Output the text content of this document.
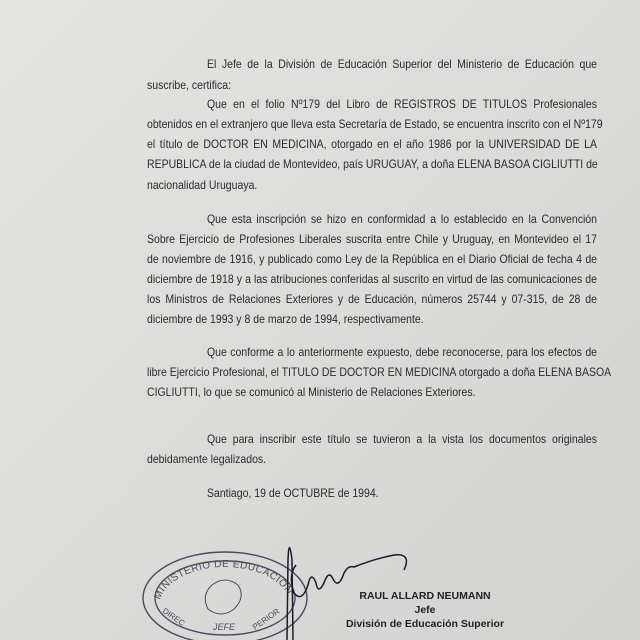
El Jefe de la División de Educación Superior del Ministerio de Educación que
suscribe, certifica:
Que en el folio Nº179 del Libro de REGISTROS DE TITULOS Profesionales
obtenidos en el extranjero que lleva esta Secretaría de Estado, se encuentra inscrito con el Nº179
el título de DOCTOR EN MEDICINA, otorgado en el año 1986 por la UNIVERSIDAD DE LA
REPUBLICA de la ciudad de Montevideo, país URUGUAY, a doña ELENA BASOA CIGLIUTTI de
nacionalidad Uruguaya.
Que esta inscripción se hizo en conformidad a lo establecido en la Convención
Sobre Ejercicio de Profesiones Liberales suscrita entre Chile y Uruguay, en Montevideo el 17
de noviembre de 1916, y publicado como Ley de la República en el Diario Oficial de fecha 4 de
diciembre de 1918 y a las atribuciones conferidas al suscrito en virtud de las comunicaciones de
los Ministros de Relaciones Exteriores y de Educación, números 25744 y 07-315, de 28 de
diciembre de 1993 y 8 de marzo de 1994, respectivamente.
Que conforme a lo anteriormente expuesto, debe reconocerse, para los efectos de
libre Ejercicio Profesional, el TITULO DE DOCTOR EN MEDICINA otorgado a doña ELENA BASOA
CIGLIUTTI, lo que se comunicó al Ministerio de Relaciones Exteriores.
Que para inscribir este título se tuvieron a la vista los documentos originales
debidamente legalizados.
Santiago, 19 de OCTUBRE de 1994.
MINISTERIO DE EDUCACION
JEFE
DIREC	PERIOR
RAUL ALLARD NEUMANN
Jefe
División de Educación Superior
